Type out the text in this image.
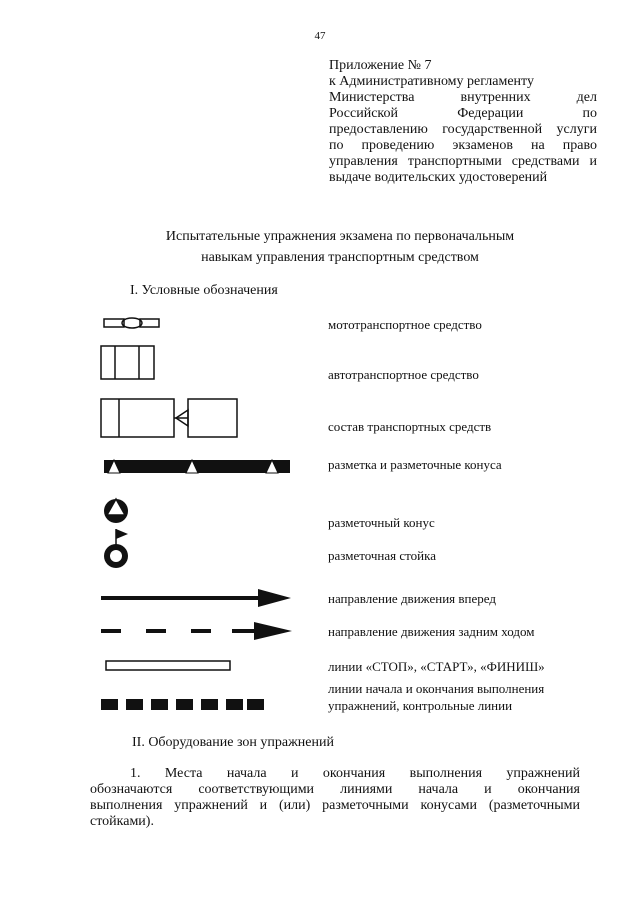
47
Приложение № 7
к Административному регламенту
Министерства внутренних дел
Российской Федерации по
предоставлению государственной услуги
по проведению экзаменов на право
управления транспортными средствами и
выдаче водительских удостоверений
Испытательные упражнения экзамена по первоначальным
навыкам управления транспортным средством
I. Условные обозначения
мототранспортное средство
автотранспортное средство
состав транспортных средств
разметка и разметочные конуса
разметочный конус
разметочная стойка
направление движения вперед
направление движения задним ходом
линии «СТОП», «СТАРТ», «ФИНИШ»
линии начала и окончания выполнения
упражнений, контрольные линии
II. Оборудование зон упражнений
1. Места начала и окончания выполнения упражнений
обозначаются соответствующими линиями начала и окончания
выполнения упражнений и (или) разметочными конусами (разметочными
стойками).
